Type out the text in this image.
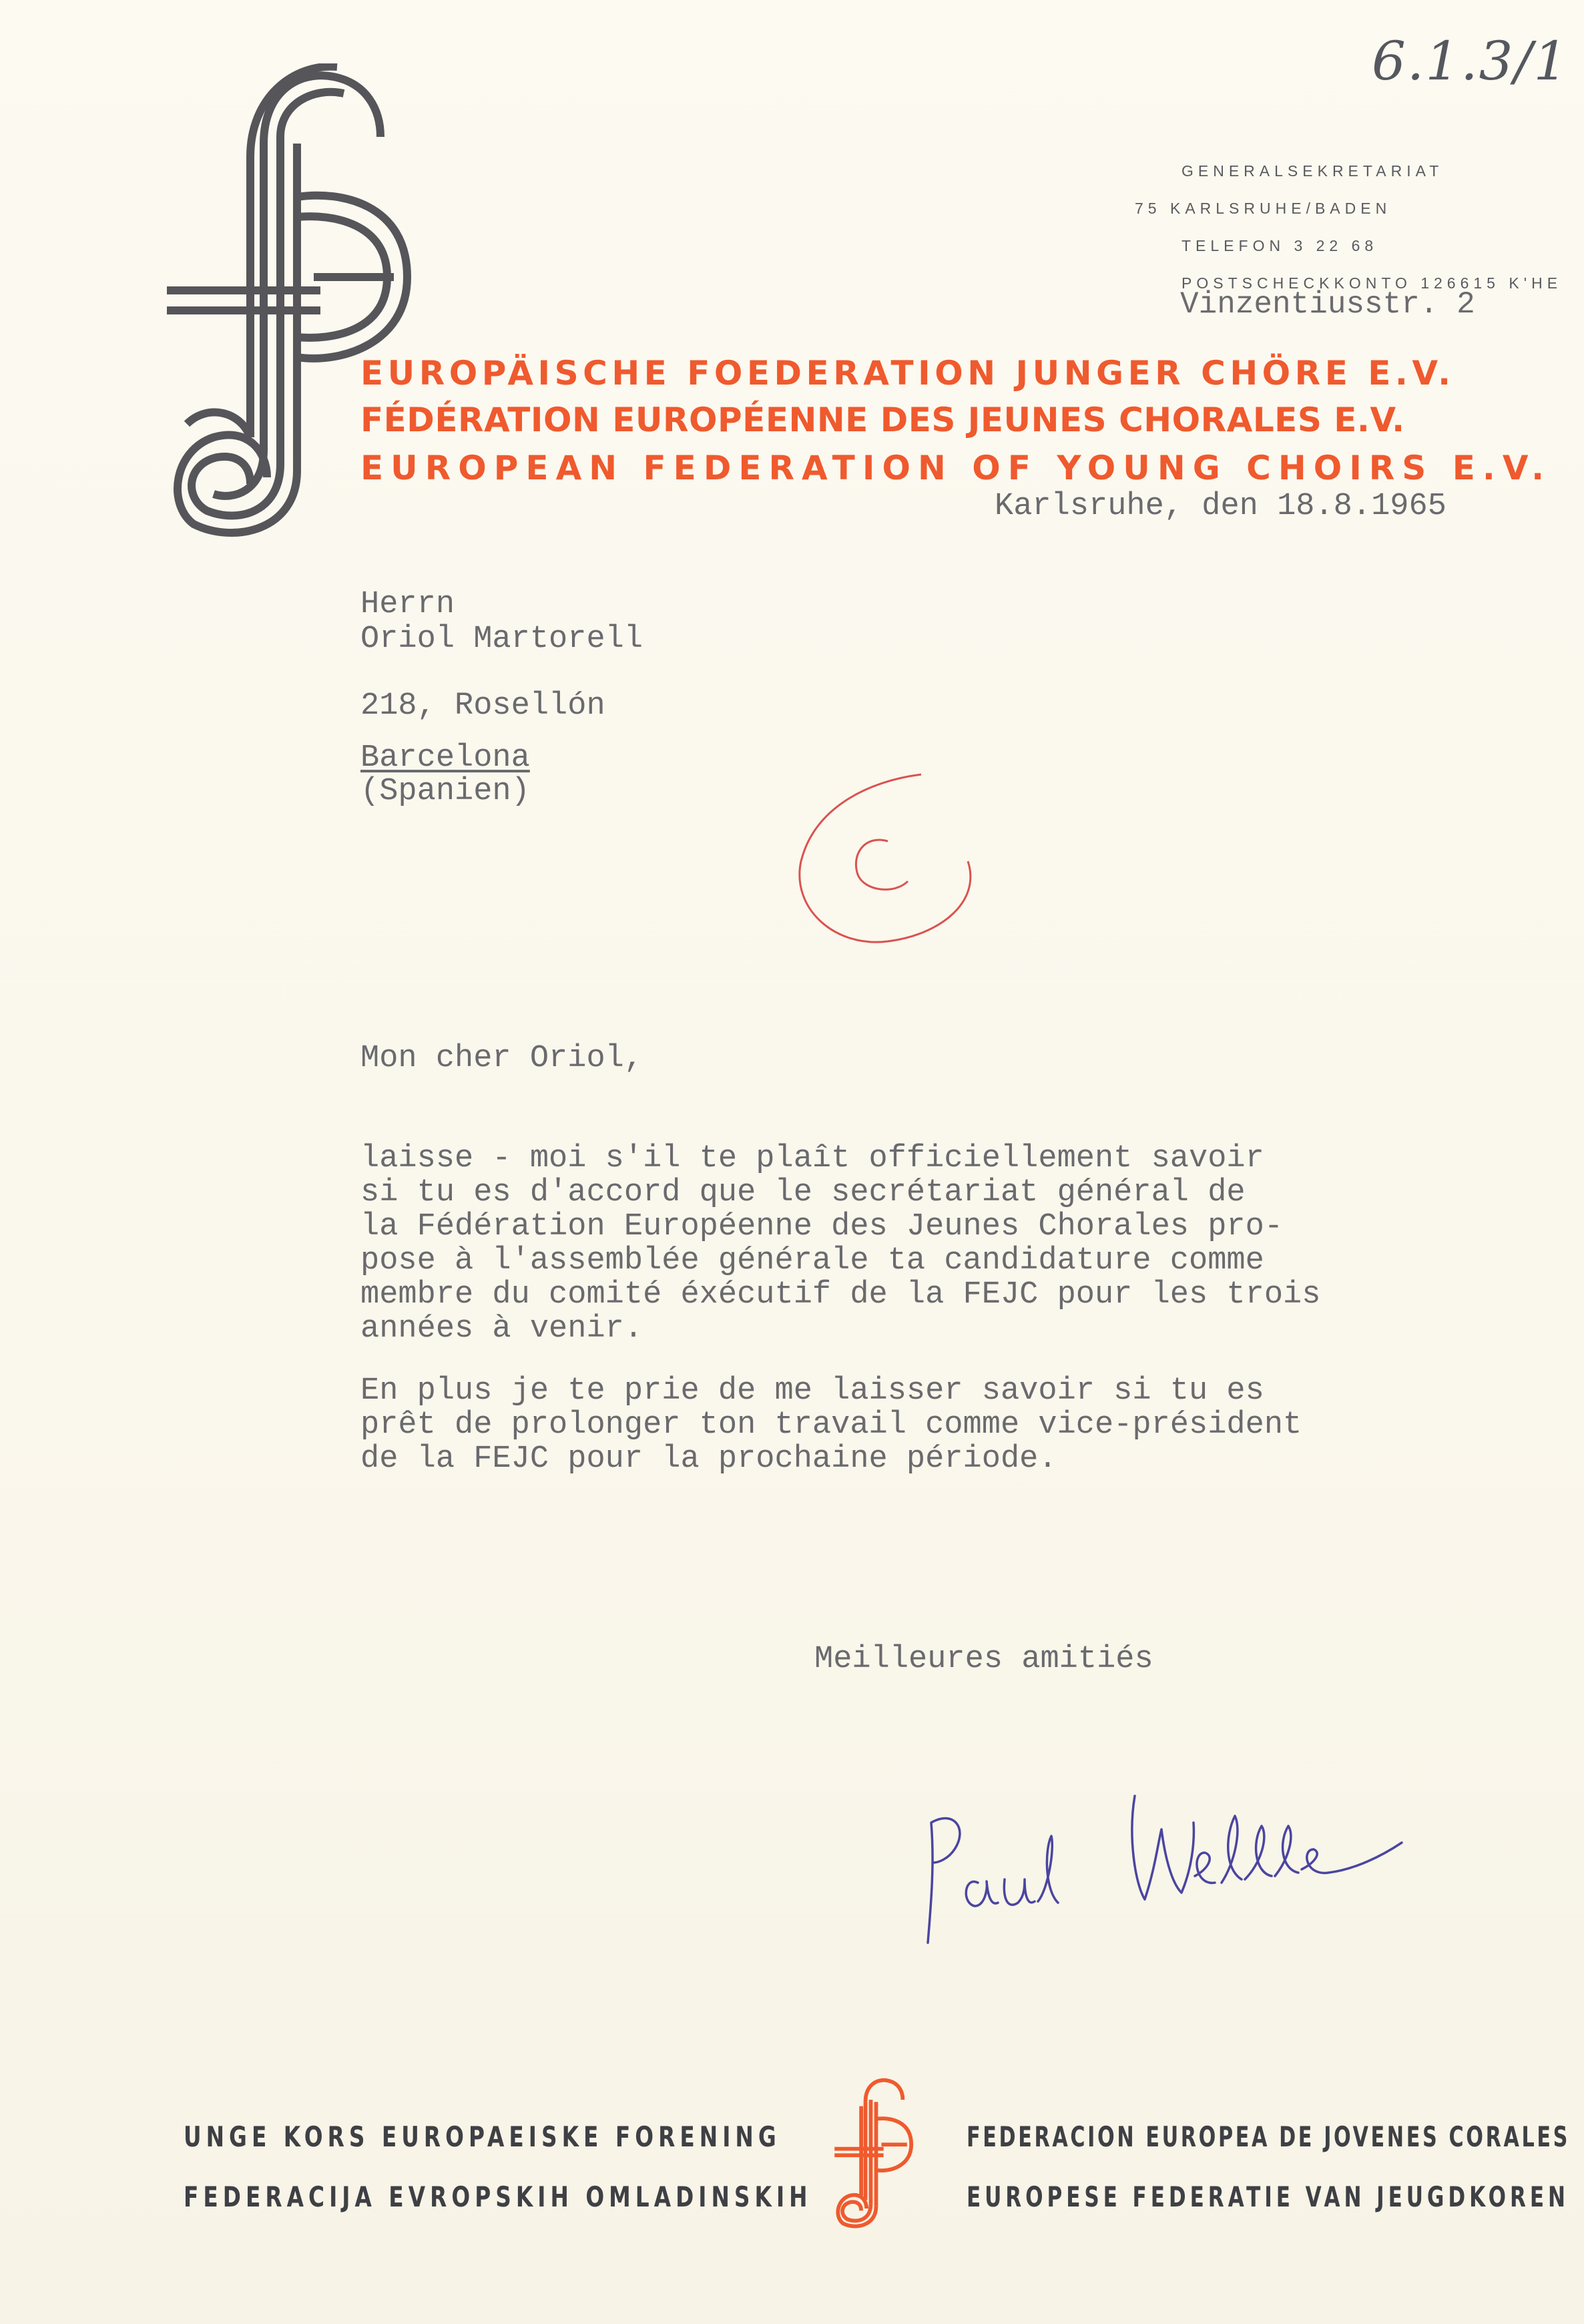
6.1.3/1
GENERALSEKRETARIAT
75 KARLSRUHE/BADEN
TELEFON 3 22 68
POSTSCHECKKONTO 126615 K'HE
Vinzentiusstr. 2
EUROPÄISCHE FOEDERATION JUNGER CHÖRE E.V.
FÉDÉRATION EUROPÉENNE DES JEUNES CHORALES E.V.
EUROPEAN FEDERATION OF YOUNG CHOIRS E.V.
Karlsruhe, den 18.8.1965
Herrn
Oriol Martorell
218, Rosellón
Barcelona
(Spanien)
Mon cher Oriol,
laisse - moi s'il te plaît officiellement savoir
si tu es d'accord que le secrétariat général de
la Fédération Européenne des Jeunes Chorales pro-
pose à l'assemblée générale ta candidature comme
membre du comité éxécutif de la FEJC pour les trois
années à venir.
En plus je te prie de me laisser savoir si tu es
prêt de prolonger ton travail comme vice-président
de la FEJC pour la prochaine période.
Meilleures amitiés
UNGE KORS EUROPAEISKE FORENING
FEDERACIJA EVROPSKIH OMLADINSKIH
FEDERACION EUROPEA DE JOVENES CORALES
EUROPESE FEDERATIE VAN JEUGDKOREN
